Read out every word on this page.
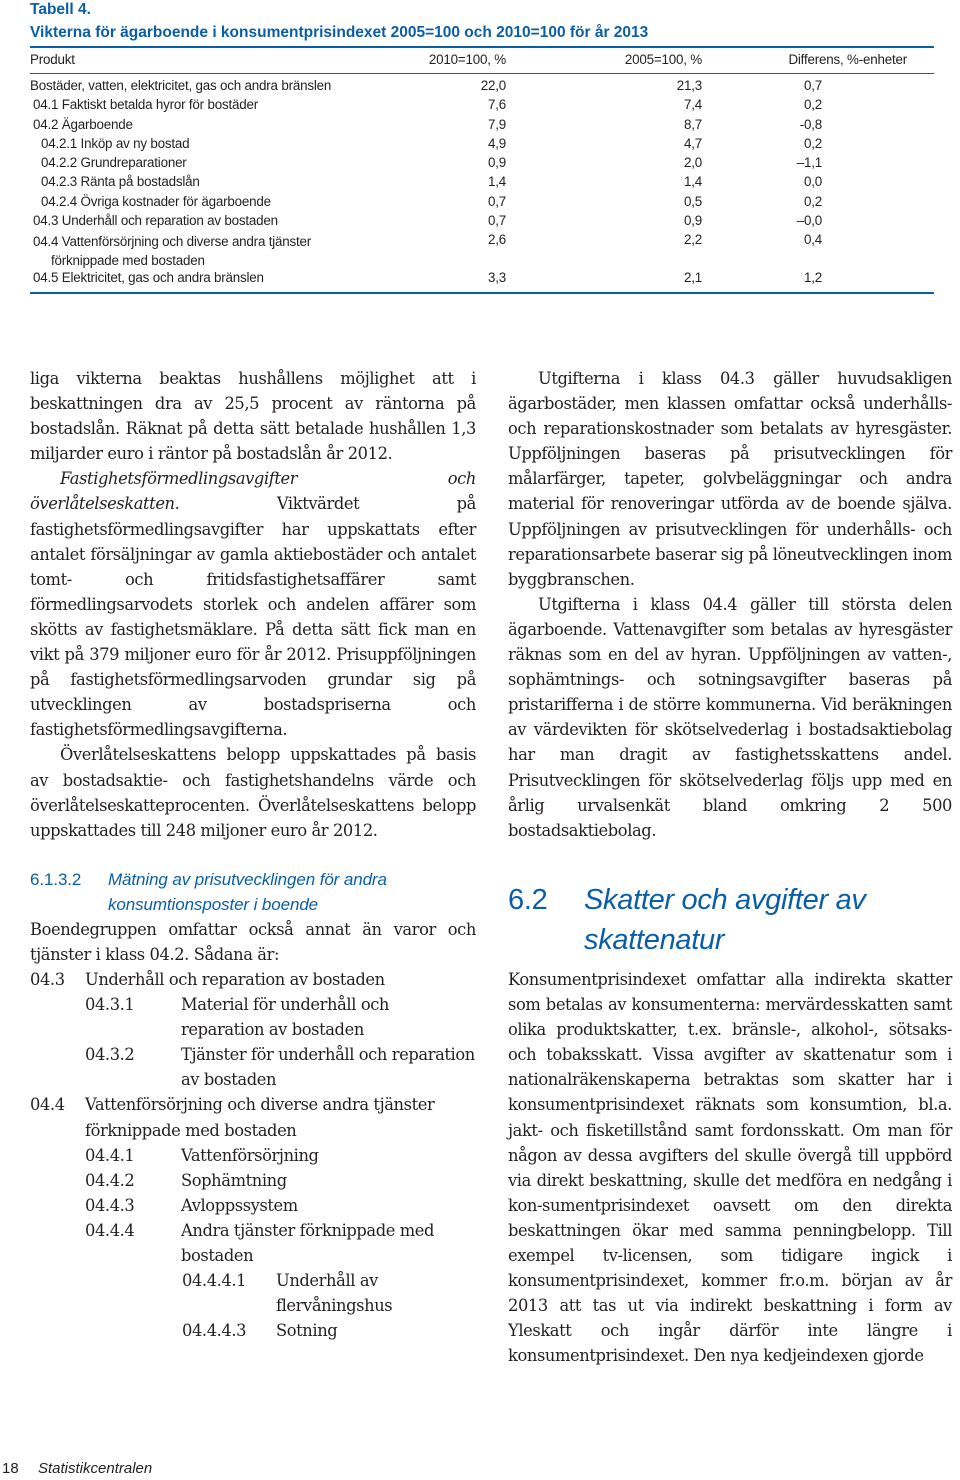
Tabell 4.
Vikterna för ägarboende i konsumentprisindexet 2005=100 och 2010=100 för år 2013
Produkt	2010=100, %	2005=100, %	Differens, %-enheter

Bostäder, vatten, elektricitet, gas och andra bränslen	22,0	21,3	0,7
04.1 Faktiskt betalda hyror för bostäder	7,6	7,4	0,2
04.2 Ägarboende	7,9	8,7	-0,8
04.2.1 Inköp av ny bostad	4,9	4,7	0,2
04.2.2 Grundreparationer	0,9	2,0	–1,1
04.2.3 Ränta på bostadslån	1,4	1,4	0,0
04.2.4 Övriga kostnader för ägarboende	0,7	0,5	0,2
04.3 Underhåll och reparation av bostaden	0,7	0,9	–0,0
04.4 Vattenförsörjning och diverse andra tjänster
förknippade med bostaden	2,6	2,2	0,4
04.5 Elektricitet, gas och andra bränslen	3,3	2,1	1,2

liga vikterna beaktas hushållens möjlighet att i beskattningen dra av 25,5 procent av räntorna på bostadslån. Räknat på detta sätt betalade hushållen 1,3 miljarder euro i räntor på bostadslån år 2012.

Fastighetsförmedlingsavgifter och överlåtelseskatten. Viktvärdet på fastighetsförmedlingsavgifter har uppskattats efter antalet försäljningar av gamla aktiebostäder och antalet tomt- och fritidsfastighetsaffärer samt förmedlingsarvodets storlek och andelen affärer som skötts av fastighetsmäklare. På detta sätt fick man en vikt på 379 miljoner euro för år 2012. Prisuppföljningen på fastighetsförmedlingsarvoden grundar sig på utvecklingen av bostadspriserna och fastighetsförmedlingsavgifterna.

Överlåtelseskattens belopp uppskattades på basis av bostadsaktie- och fastighetshandelns värde och överlåtelseskatteprocenten. Överlåtelseskattens belopp uppskattades till 248 miljoner euro år 2012.

6.1.3.2 Mätning av prisutvecklingen för andra
konsumtionsposter i boende

Boendegruppen omfattar också annat än varor och tjänster i klass 04.2. Sådana är:

04.3	Underhåll och reparation av bostaden
04.3.1	Material för underhåll och reparation av bostaden
04.3.2	Tjänster för underhåll och reparation av bostaden
04.4	Vattenförsörjning och diverse andra tjänster förknippade med bostaden
04.4.1	Vattenförsörjning
04.4.2	Sophämtning
04.4.3	Avloppssystem
04.4.4	Andra tjänster förknippade med bostaden
04.4.4.1	Underhåll av flervåningshus
04.4.4.3	Sotning

Utgifterna i klass 04.3 gäller huvudsakligen ägarbostäder, men klassen omfattar också underhålls- och reparationskostnader som betalats av hyresgäster. Uppföljningen baseras på prisutvecklingen för målarfärger, tapeter, golvbeläggningar och andra material för renoveringar utförda av de boende själva. Uppföljningen av prisutvecklingen för underhålls- och reparationsarbete baserar sig på löneutvecklingen inom byggbranschen.

Utgifterna i klass 04.4 gäller till största delen ägarboende. Vattenavgifter som betalas av hyresgäster räknas som en del av hyran. Uppföljningen av vatten-, sophämtnings- och sotningsavgifter baseras på pristarifferna i de större kommunerna. Vid beräkningen av värdevikten för skötselvederlag i bostadsaktiebolag har man dragit av fastighetsskattens andel. Prisutvecklingen för skötselvederlag följs upp med en årlig urvalsenkät bland omkring 2 500 bostadsaktiebolag.

6.2 Skatter och avgifter av skattenatur

Konsumentprisindexet omfattar alla indirekta skatter som betalas av konsumenterna: mervärdesskatten samt olika produktskatter, t.ex. bränsle-, alkohol-, sötsaks- och tobaksskatt. Vissa avgifter av skattenatur som i nationalräkenskaperna betraktas som skatter har i konsumentprisindexet räknats som konsumtion, bl.a. jakt- och fisketillstånd samt fordonsskatt. Om man för någon av dessa avgifters del skulle övergå till uppbörd via direkt beskattning, skulle det medföra en nedgång i kon-sumentprisindexet oavsett om den direkta beskattningen ökar med samma penningbelopp. Till exempel tv-licensen, som tidigare ingick i konsumentprisindexet, kommer fr.o.m. början av år 2013 att tas ut via indirekt beskattning i form av Yleskatt och ingår därför inte längre i konsumentprisindexet. Den nya kedjeindexen gjorde

18 Statistikcentralen
